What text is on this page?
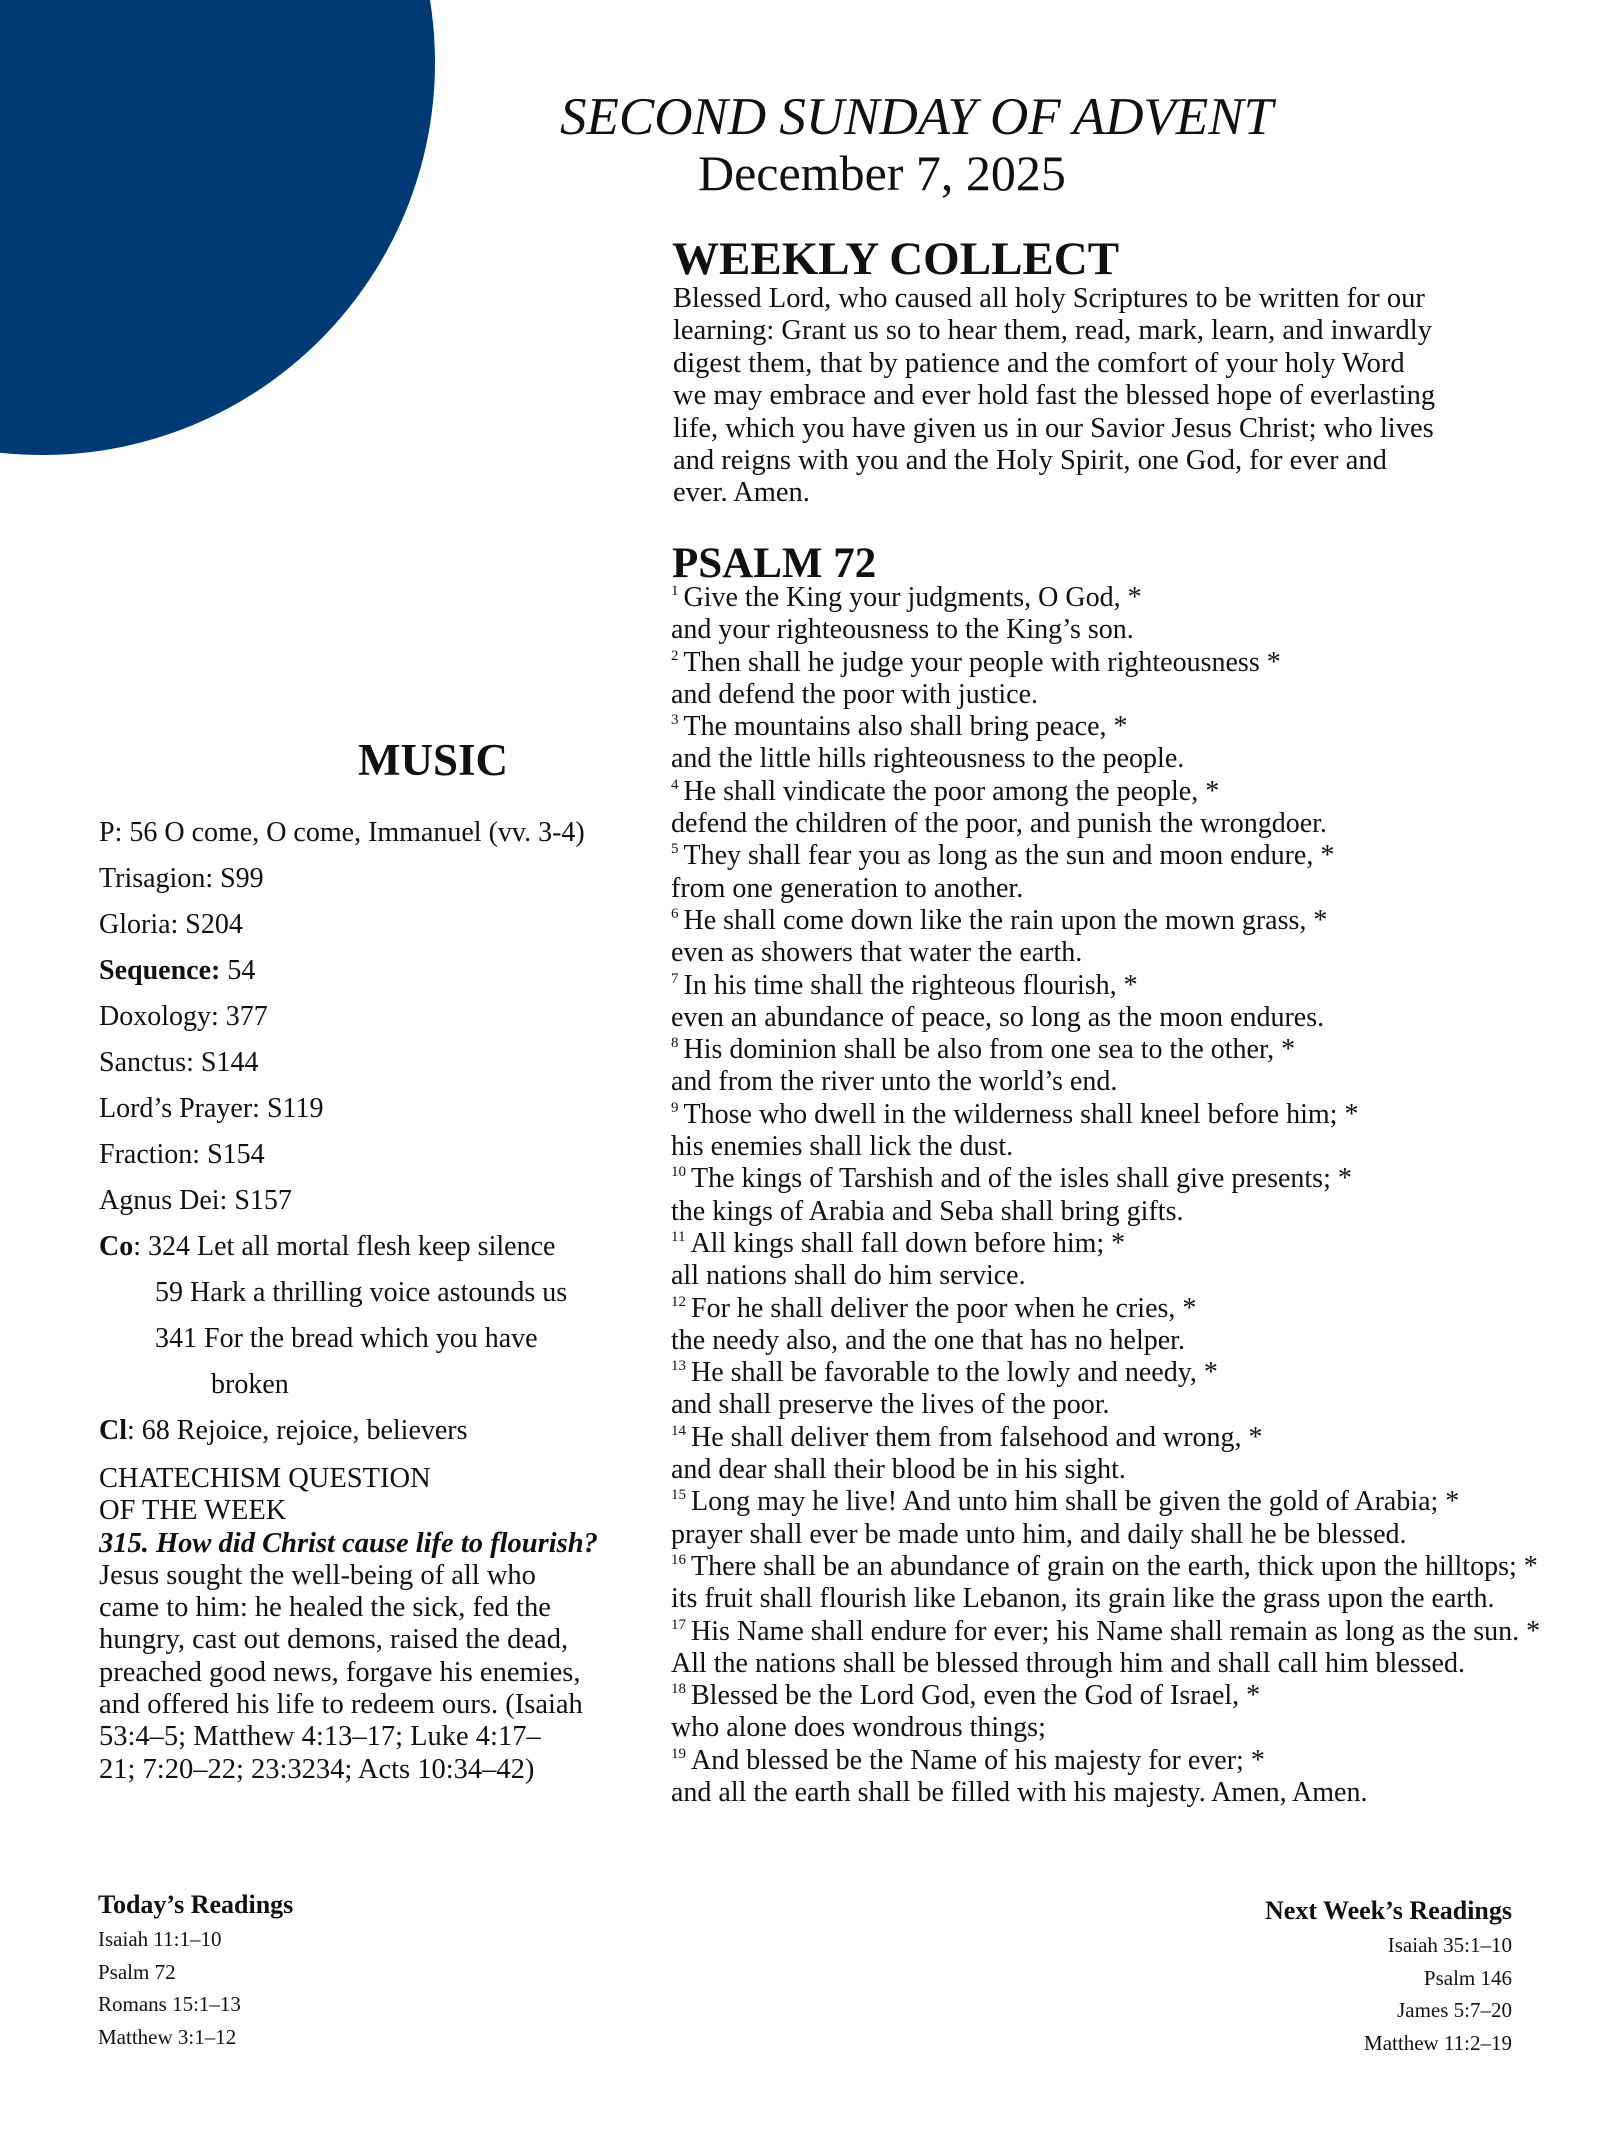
SECOND SUNDAY OF ADVENT
December 7, 2025
WEEKLY COLLECT
Blessed Lord, who caused all holy Scriptures to be written for our
learning: Grant us so to hear them, read, mark, learn, and inwardly
digest them, that by patience and the comfort of your holy Word
we may embrace and ever hold fast the blessed hope of everlasting
life, which you have given us in our Savior Jesus Christ; who lives
and reigns with you and the Holy Spirit, one God, for ever and
ever. Amen.
PSALM 72
$^1$ Give the King your judgments, O God, *
and your righteousness to the King’s son.
$^2$ Then shall he judge your people with righteousness *
and defend the poor with justice.
$^3$ The mountains also shall bring peace, *
and the little hills righteousness to the people.
$^4$ He shall vindicate the poor among the people, *
defend the children of the poor, and punish the wrongdoer.
$^5$ They shall fear you as long as the sun and moon endure, *
from one generation to another.
$^6$ He shall come down like the rain upon the mown grass, *
even as showers that water the earth.
$^7$ In his time shall the righteous flourish, *
even an abundance of peace, so long as the moon endures.
$^8$ His dominion shall be also from one sea to the other, *
and from the river unto the world’s end.
$^9$ Those who dwell in the wilderness shall kneel before him; *
his enemies shall lick the dust.
$^{10}$ The kings of Tarshish and of the isles shall give presents; *
the kings of Arabia and Seba shall bring gifts.
$^{11}$ All kings shall fall down before him; *
all nations shall do him service.
$^{12}$ For he shall deliver the poor when he cries, *
the needy also, and the one that has no helper.
$^{13}$ He shall be favorable to the lowly and needy, *
and shall preserve the lives of the poor.
$^{14}$ He shall deliver them from falsehood and wrong, *
and dear shall their blood be in his sight.
$^{15}$ Long may he live! And unto him shall be given the gold of Arabia; *
prayer shall ever be made unto him, and daily shall he be blessed.
$^{16}$ There shall be an abundance of grain on the earth, thick upon the hilltops; *
its fruit shall flourish like Lebanon, its grain like the grass upon the earth.
$^{17}$ His Name shall endure for ever; his Name shall remain as long as the sun. *
All the nations shall be blessed through him and shall call him blessed.
$^{18}$ Blessed be the Lord God, even the God of Israel, *
who alone does wondrous things;
$^{19}$ And blessed be the Name of his majesty for ever; *
and all the earth shall be filled with his majesty. Amen, Amen.
MUSIC
P: 56 O come, O come, Immanuel (vv. 3-4)
Trisagion: S99
Gloria: S204
Sequence: 54
Doxology: 377
Sanctus: S144
Lord’s Prayer: S119
Fraction: S154
Agnus Dei: S157
Co: 324 Let all mortal flesh keep silence
59 Hark a thrilling voice astounds us
341 For the bread which you have
broken
Cl: 68 Rejoice, rejoice, believers
CHATECHISM QUESTION
OF THE WEEK
315. How did Christ cause life to flourish?
Jesus sought the well-being of all who
came to him: he healed the sick, fed the
hungry, cast out demons, raised the dead,
preached good news, forgave his enemies,
and offered his life to redeem ours. (Isaiah
53:4–5; Matthew 4:13–17; Luke 4:17–
21; 7:20–22; 23:3234; Acts 10:34–42)
Today’s Readings
Isaiah 11:1–10
Psalm 72
Romans 15:1–13
Matthew 3:1–12
Next Week’s Readings
Isaiah 35:1–10
Psalm 146
James 5:7–20
Matthew 11:2–19
